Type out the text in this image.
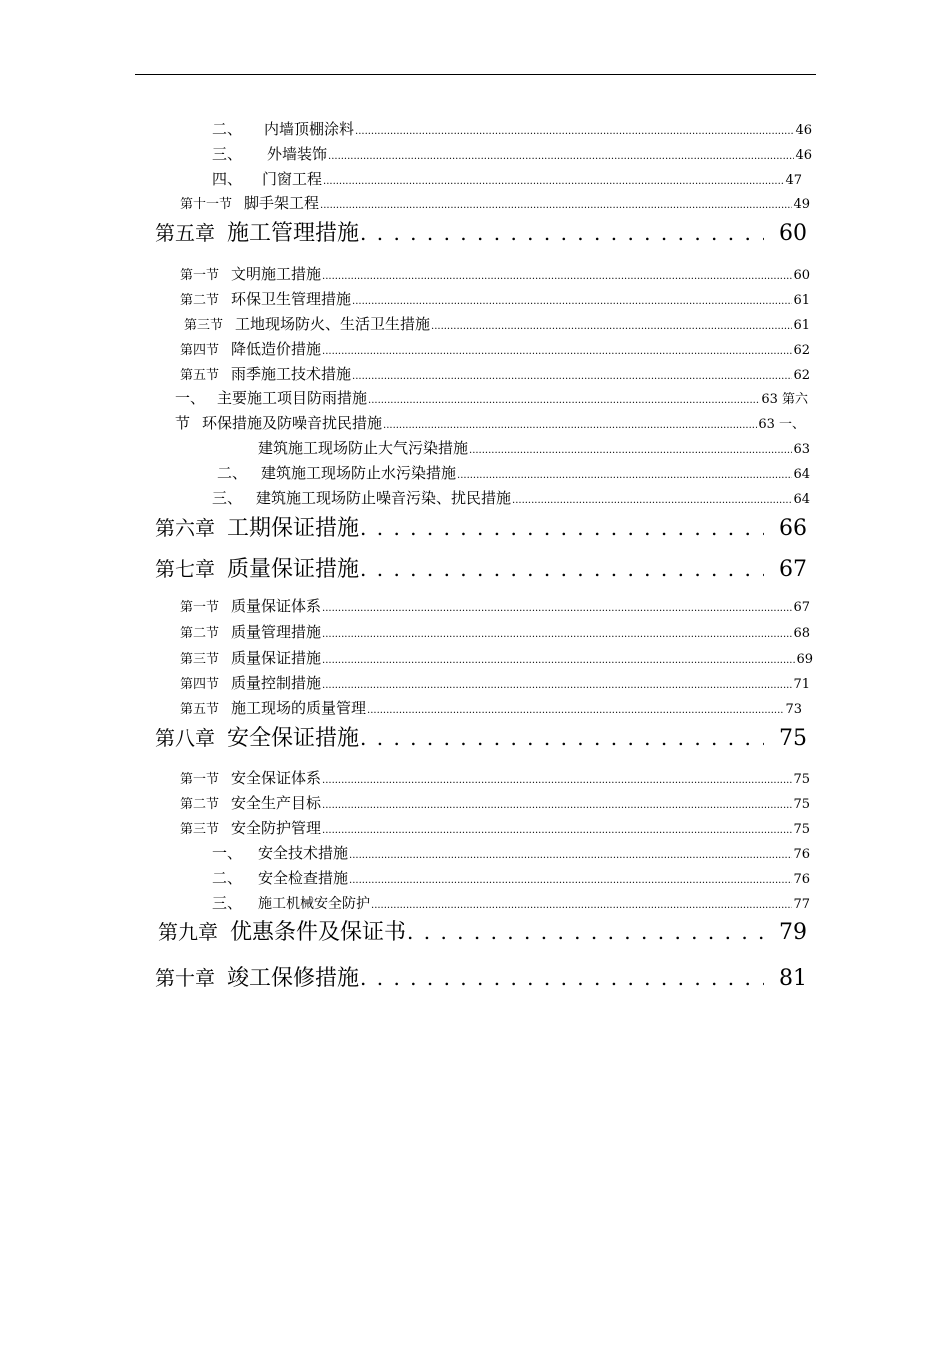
二、 内墙顶棚涂料 .....	46
三、 外墙装饰 .....	46
四、 门窗工程 .....	47
第十一节 脚手架工程 .....	49
第五章 施工管理措施 . . .	60
第一节 文明施工措施 .....	60
第二节 环保卫生管理措施 .....	61
第三节 工地现场防火、生活卫生措施 .....	61
第四节 降低造价措施 .....	62
第五节 雨季施工技术措施 .....	62
一、 主要施工项目防雨措施 .....	63 第六
节 环保措施及防噪音扰民措施 .....	63 一、
建筑施工现场防止大气污染措施 .....	63
二、 建筑施工现场防止水污染措施 .....	64
三、 建筑施工现场防止噪音污染、扰民措施 .....	64
第六章 工期保证措施 . . .	66
第七章 质量保证措施 . . .	67
第一节 质量保证体系 .....	67
第二节 质量管理措施 .....	68
第三节 质量保证措施 .....	69
第四节 质量控制措施 .....	71
第五节 施工现场的质量管理 .....	73
第八章 安全保证措施 . . .	75
第一节 安全保证体系 .....	75
第二节 安全生产目标 .....	75
第三节 安全防护管理 .....	75
一、 安全技术措施 .....	76
二、 安全检查措施 .....	76
三、 施工机械安全防护 .....	77
第九章 优惠条件及保证书 . . .	79
第十章 竣工保修措施 . . .	81
